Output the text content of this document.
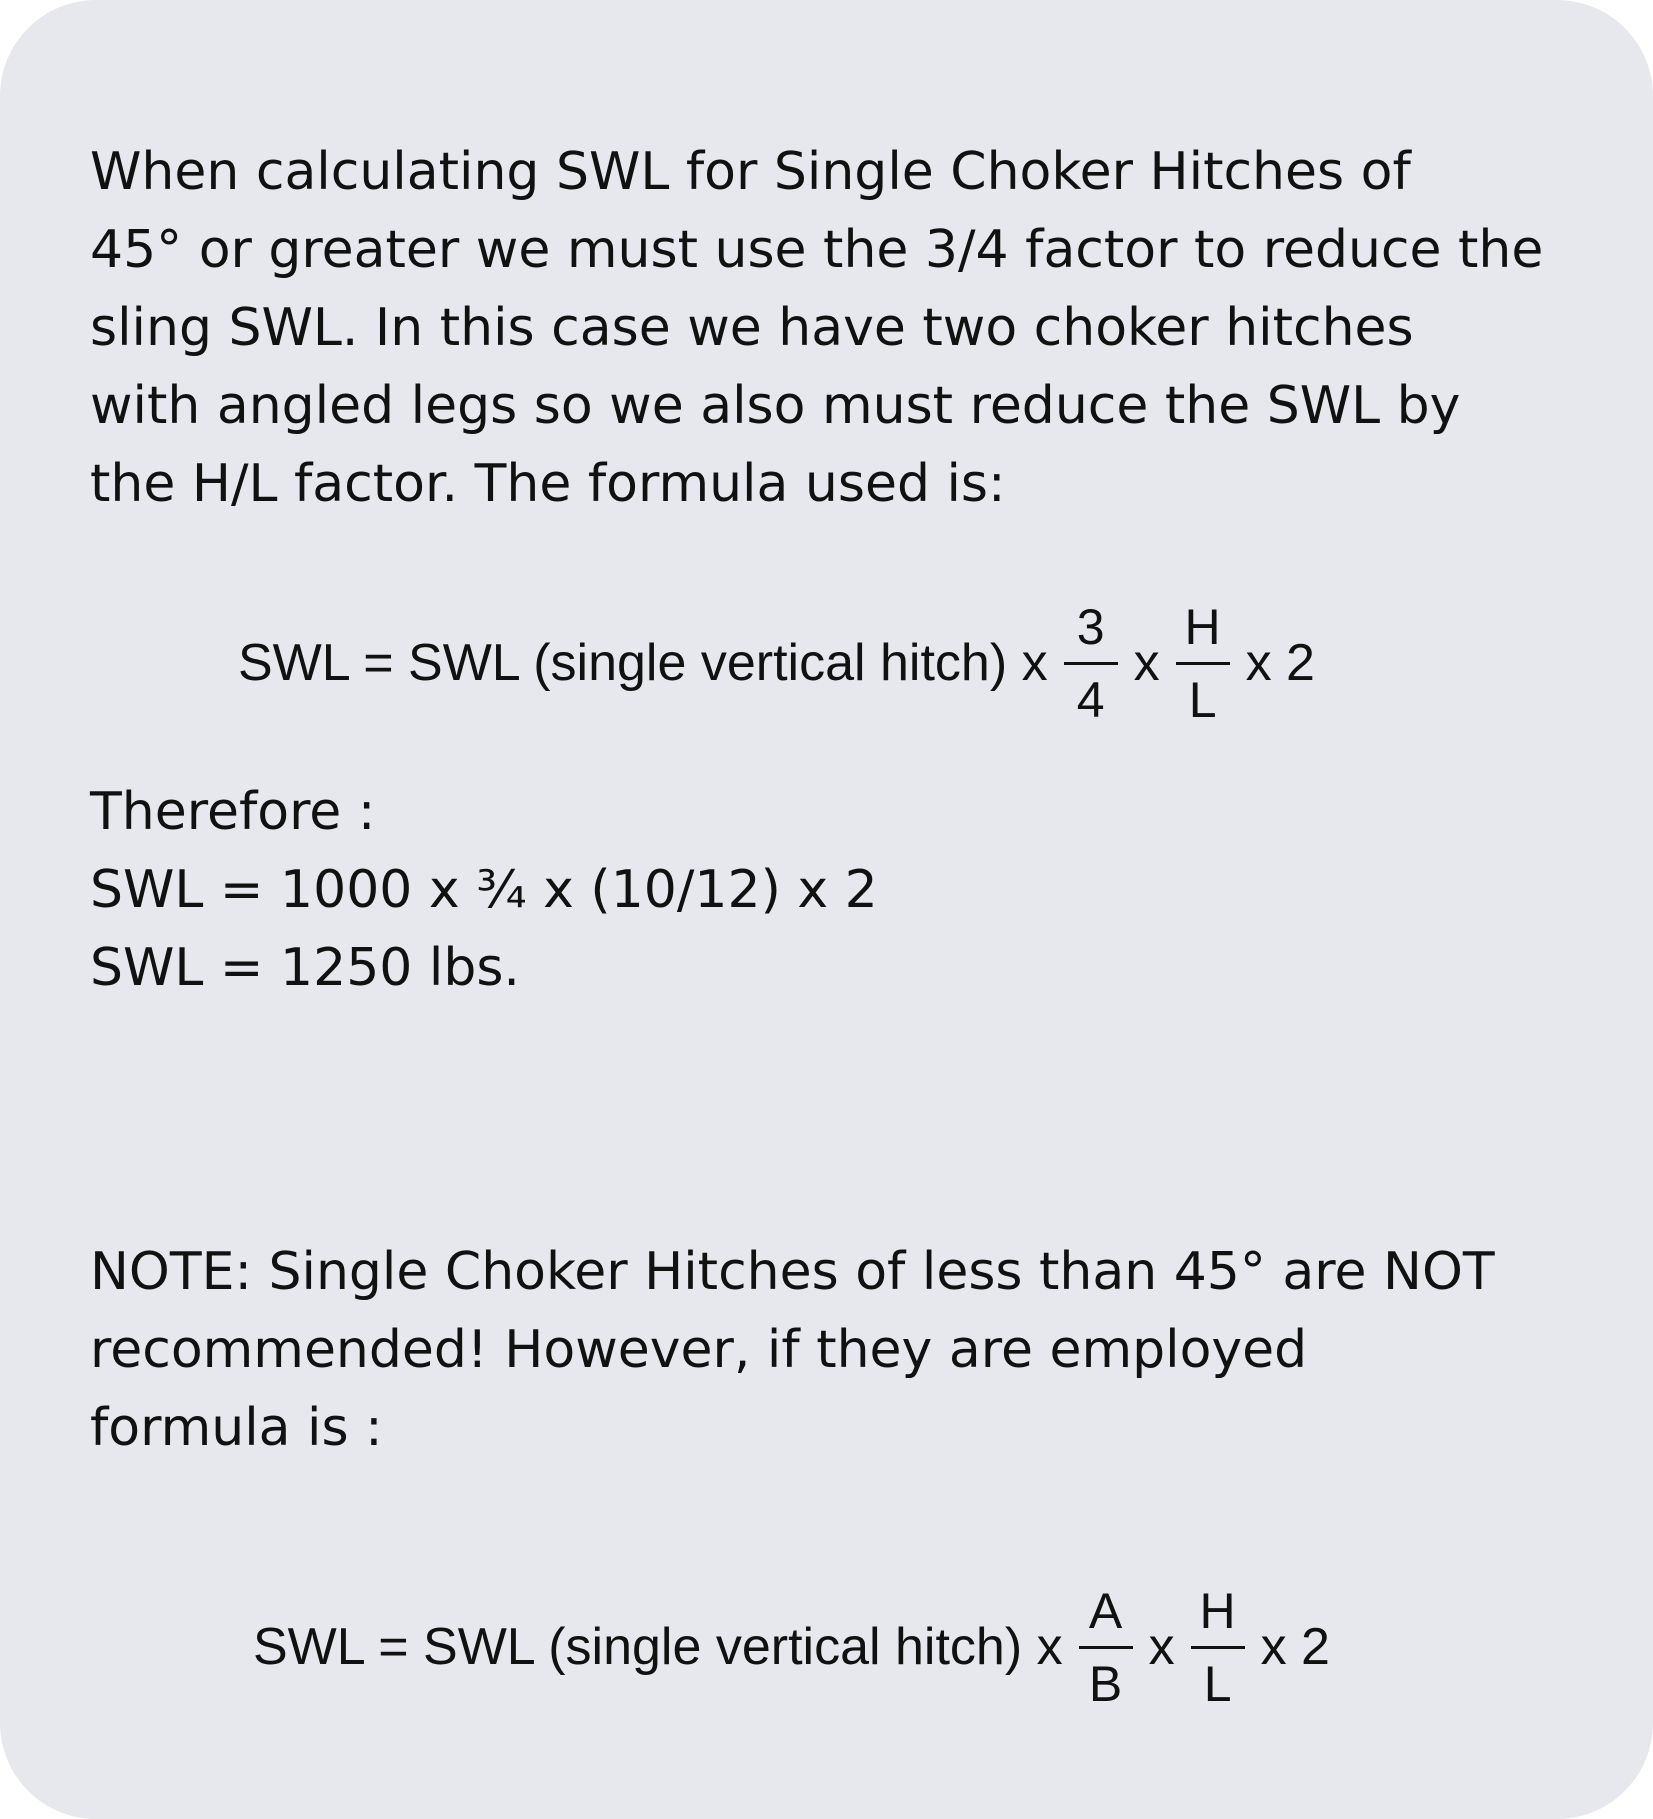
When calculating SWL for Single Choker Hitches of
45° or greater we must use the 3/4 factor to reduce the
sling SWL. In this case we have two choker hitches
with angled legs so we also must reduce the SWL by
the H/L factor. The formula used is:

SWL = SWL (single vertical hitch) x $\frac{3}{4}$ x $\frac{H}{L}$ x 2

Therefore :
SWL = 1000 x ¾ x (10/12) x 2
SWL = 1250 lbs.

NOTE: Single Choker Hitches of less than 45° are NOT
recommended! However, if they are employed
formula is :

SWL = SWL (single vertical hitch) x $\frac{A}{B}$ x $\frac{H}{L}$ x 2
